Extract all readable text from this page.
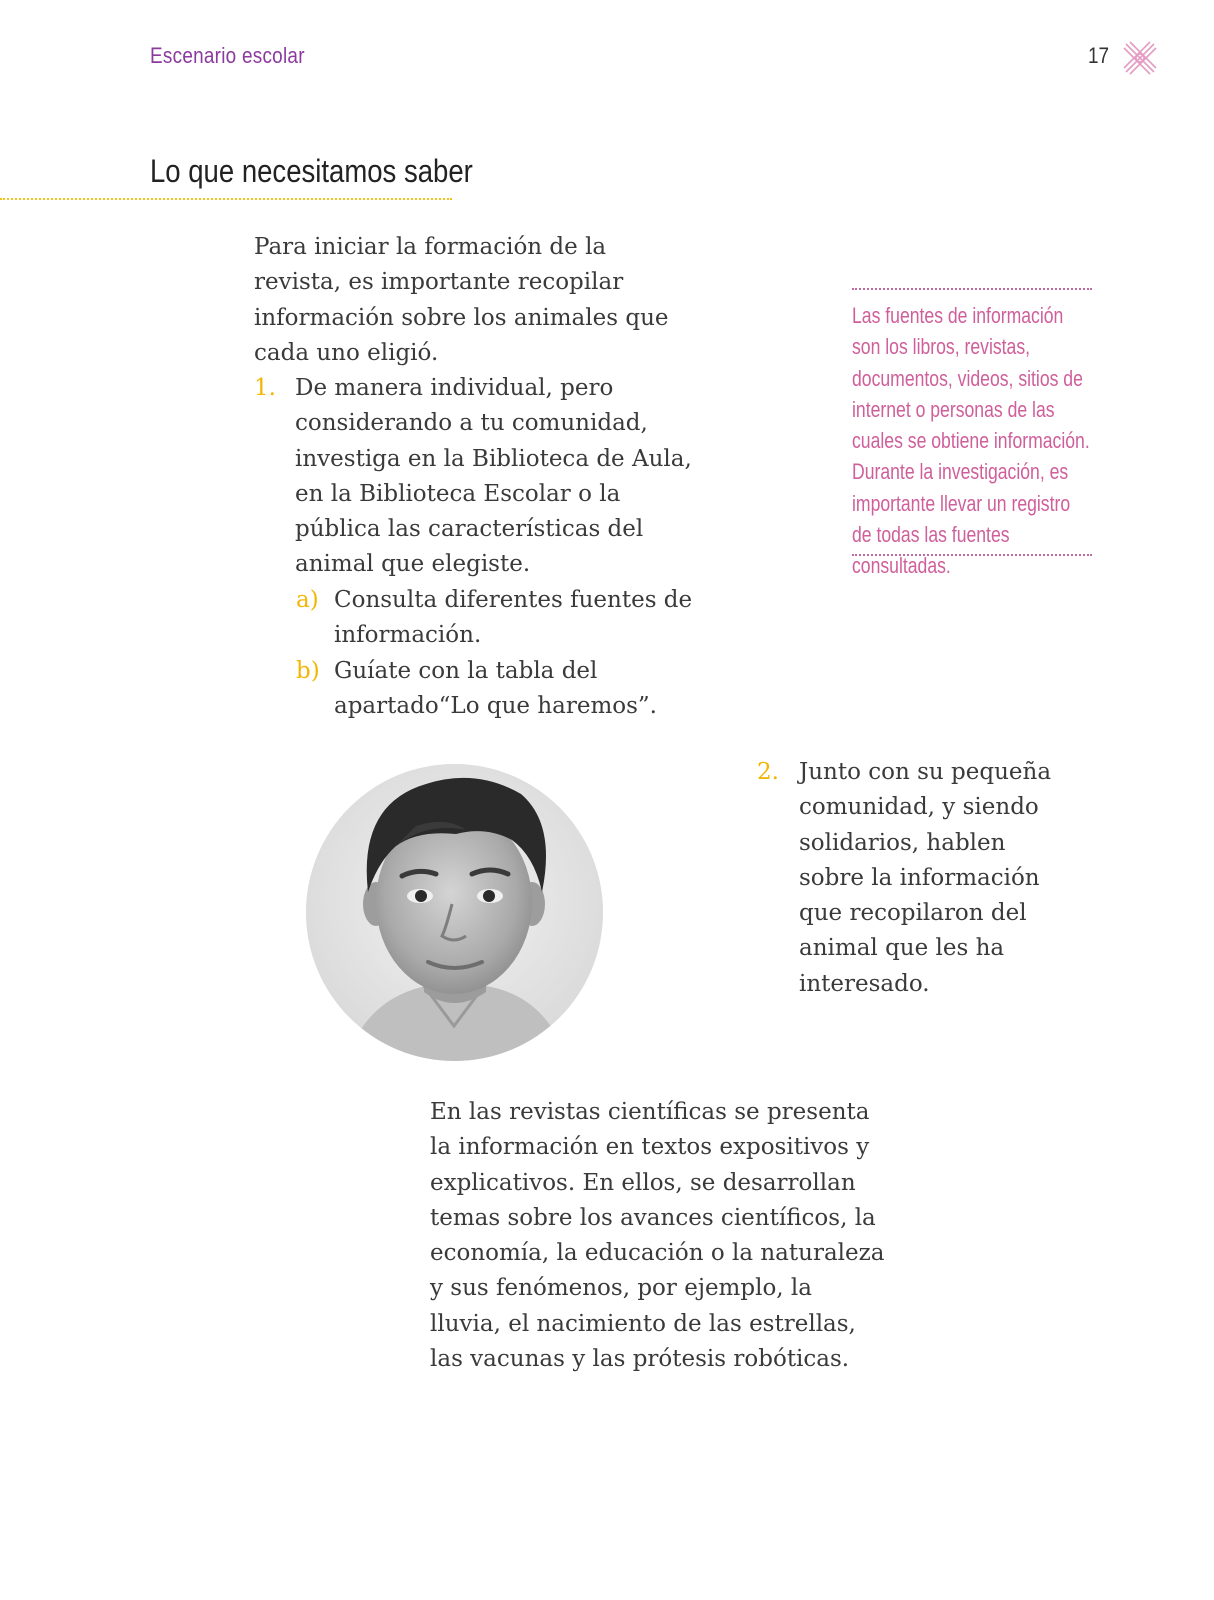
Escenario escolar	17
Lo que necesitamos saber

Para iniciar la formación de la revista, es importante recopilar información sobre los animales que cada uno eligió.

1. De manera individual, pero considerando a tu comunidad, investiga en la Biblioteca de Aula, en la Biblioteca Escolar o la pública las características del animal que elegiste.
a) Consulta diferentes fuentes de información.
b) Guíate con la tabla del apartado“Lo que haremos”.
Las fuentes de información son los libros, revistas, documentos, videos, sitios de internet o personas de las cuales se obtiene información. Durante la investigación, es importante llevar un registro de todas las fuentes consultadas.
2. Junto con su pequeña comunidad, y siendo solidarios, hablen sobre la información que recopilaron del animal que les ha interesado.

En las revistas científicas se presenta la información en textos expositivos y explicativos. En ellos, se desarrollan temas sobre los avances científicos, la economía, la educación o la naturaleza y sus fenómenos, por ejemplo, la lluvia, el nacimiento de las estrellas, las vacunas y las prótesis robóticas.
